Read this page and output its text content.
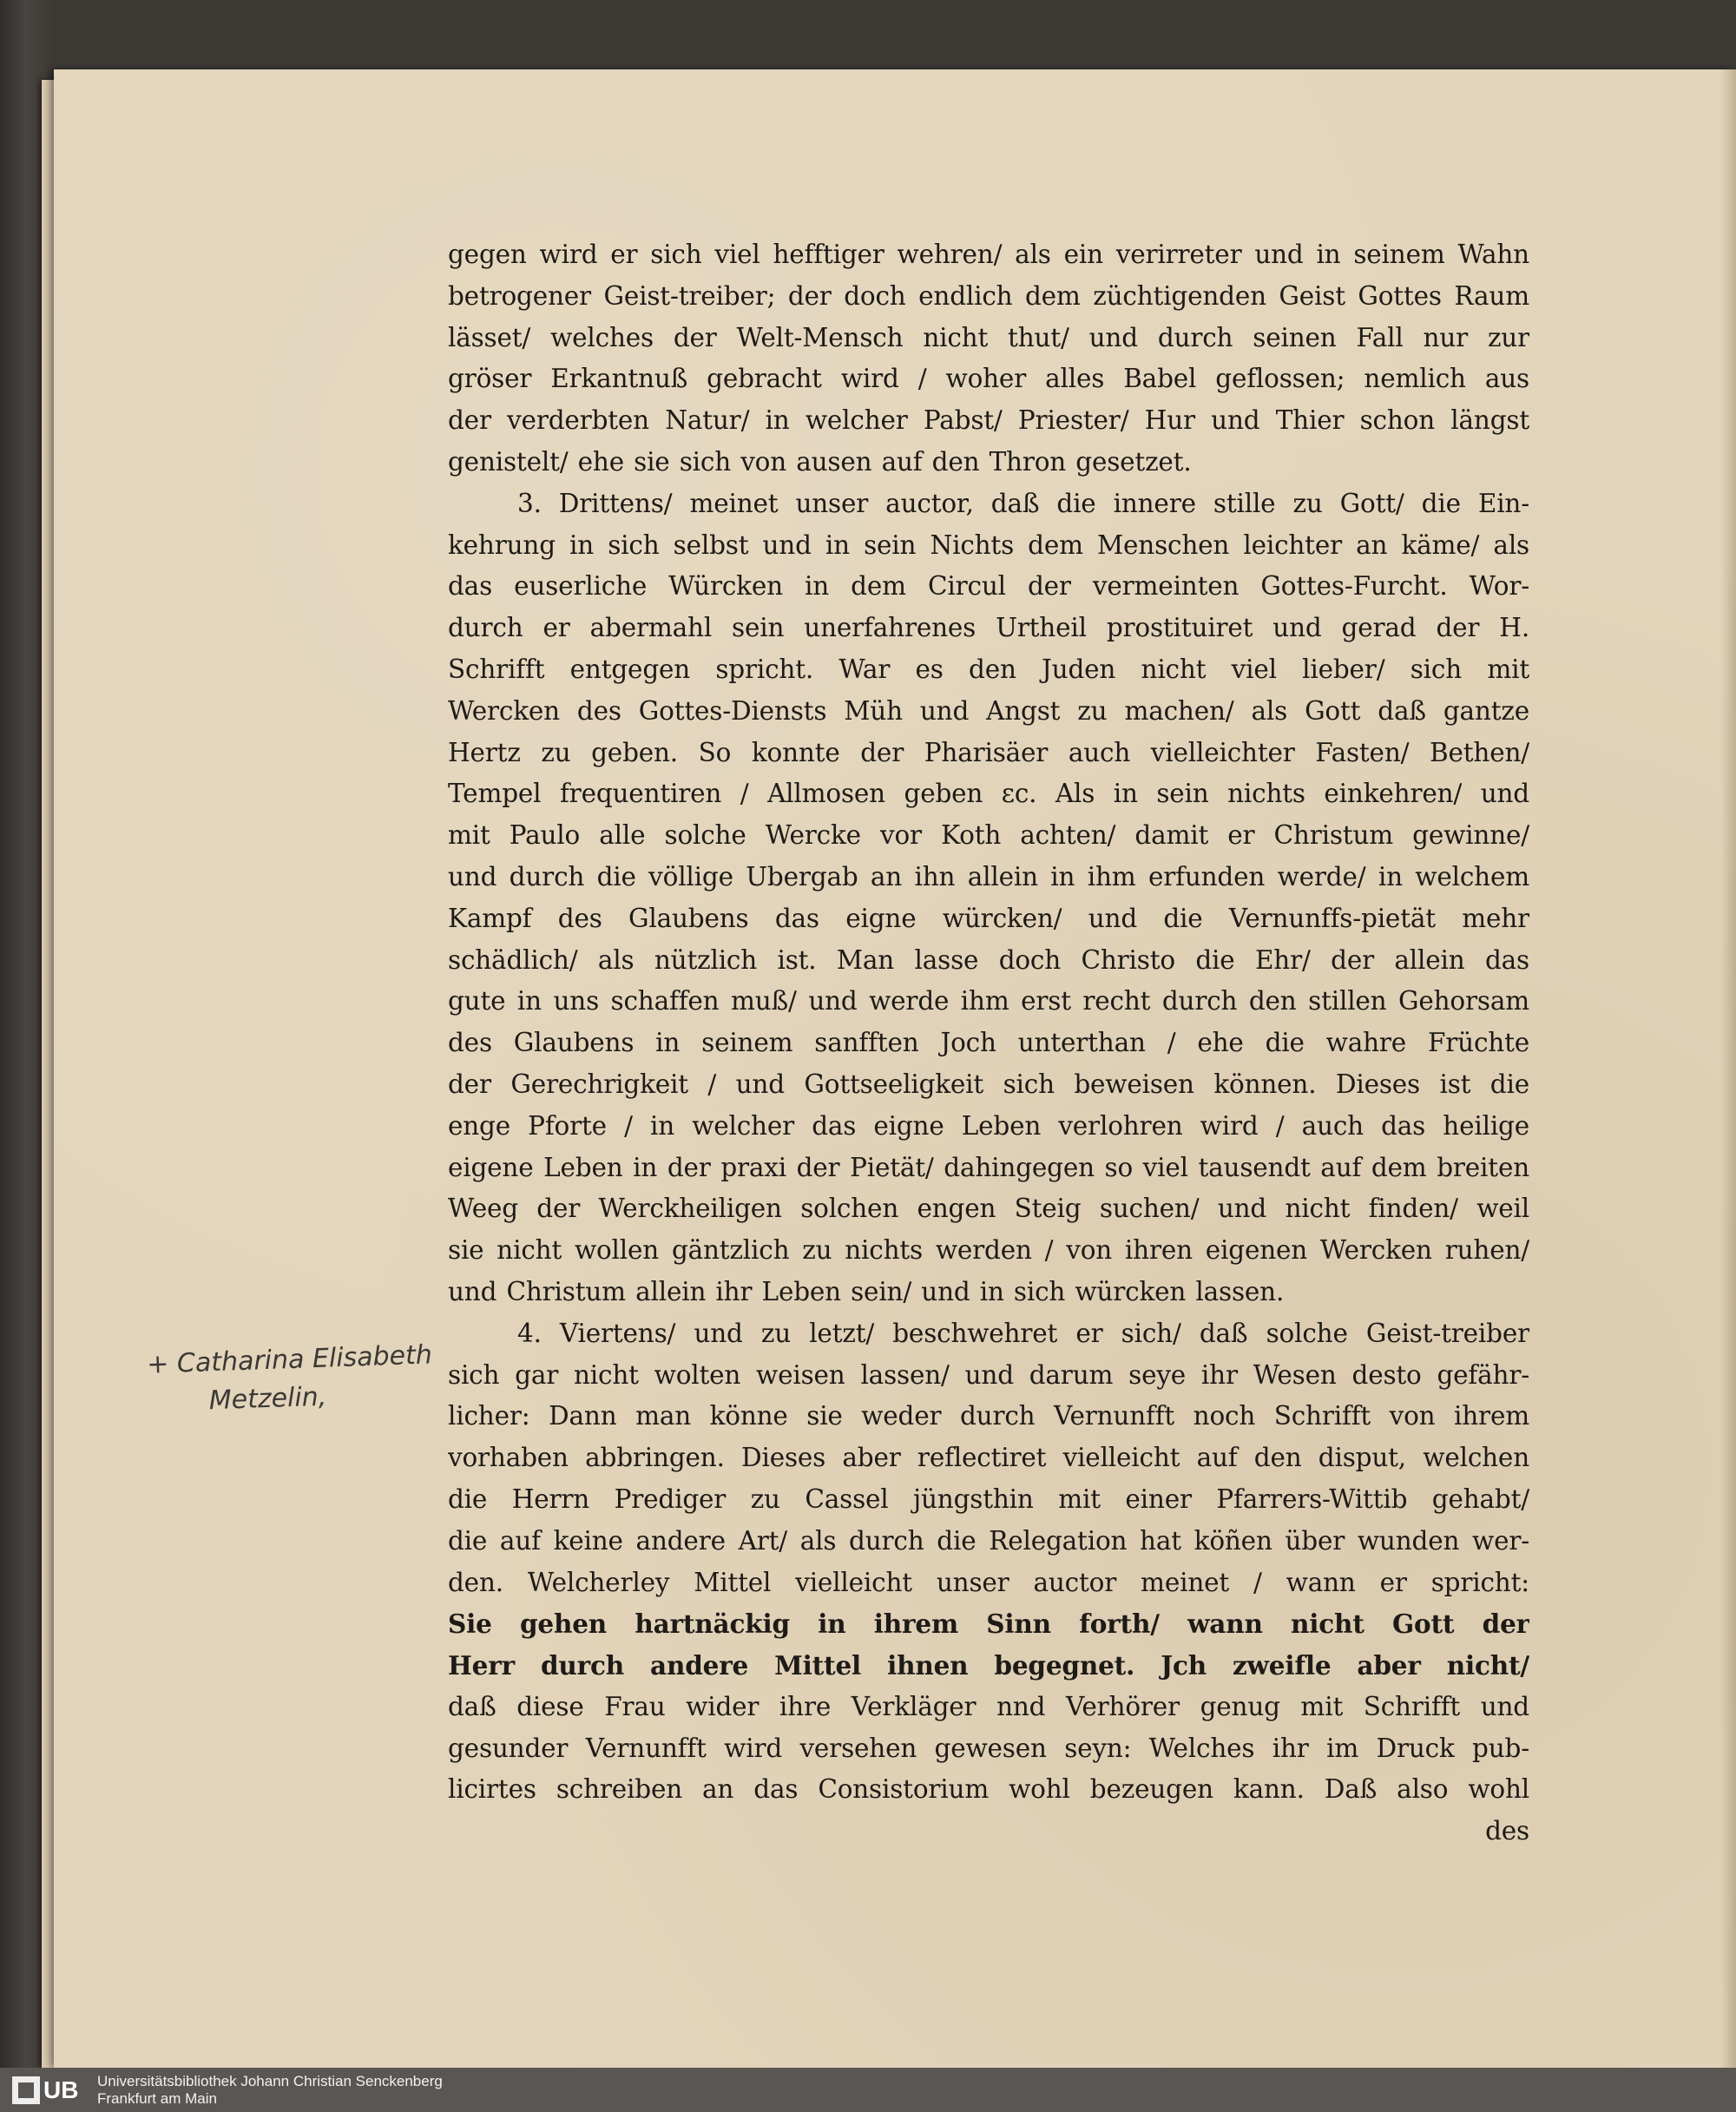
gegen wird er sich viel hefftiger wehren/ als ein verirreter und in seinem Wahn
betrogener Geist-treiber; der doch endlich dem züchtigenden Geist Gottes Raum
lässet/ welches der Welt-Mensch nicht thut/ und durch seinen Fall nur zur
gröser Erkantnuß gebracht wird / woher alles Babel geflossen; nemlich aus
der verderbten Natur/ in welcher Pabst/ Priester/ Hur und Thier schon längst
genistelt/ ehe sie sich von ausen auf den Thron gesetzet.
3. Drittens/ meinet unser auctor, daß die innere stille zu Gott/ die Ein-
kehrung in sich selbst und in sein Nichts dem Menschen leichter an käme/ als
das euserliche Würcken in dem Circul der vermeinten Gottes-Furcht. Wor-
durch er abermahl sein unerfahrenes Urtheil prostituiret und gerad der H.
Schrifft entgegen spricht. War es den Juden nicht viel lieber/ sich mit
Wercken des Gottes-Diensts Müh und Angst zu machen/ als Gott daß gantze
Hertz zu geben. So konnte der Pharisäer auch vielleichter Fasten/ Bethen/
Tempel frequentiren / Allmosen geben ɛc. Als in sein nichts einkehren/ und
mit Paulo alle solche Wercke vor Koth achten/ damit er Christum gewinne/
und durch die völlige Ubergab an ihn allein in ihm erfunden werde/ in welchem
Kampf des Glaubens das eigne würcken/ und die Vernunffs-pietät mehr
schädlich/ als nützlich ist. Man lasse doch Christo die Ehr/ der allein das
gute in uns schaffen muß/ und werde ihm erst recht durch den stillen Gehorsam
des Glaubens in seinem sanfften Joch unterthan / ehe die wahre Früchte
der Gerechrigkeit / und Gottseeligkeit sich beweisen können. Dieses ist die
enge Pforte / in welcher das eigne Leben verlohren wird / auch das heilige
eigene Leben in der praxi der Pietät/ dahingegen so viel tausendt auf dem breiten
Weeg der Werckheiligen solchen engen Steig suchen/ und nicht finden/ weil
sie nicht wollen gäntzlich zu nichts werden / von ihren eigenen Wercken ruhen/
und Christum allein ihr Leben sein/ und in sich würcken lassen.
4. Viertens/ und zu letzt/ beschwehret er sich/ daß solche Geist-treiber
sich gar nicht wolten weisen lassen/ und darum seye ihr Wesen desto gefähr-
licher: Dann man könne sie weder durch Vernunfft noch Schrifft von ihrem
vorhaben abbringen. Dieses aber reflectiret vielleicht auf den disput, welchen
die Herrn Prediger zu Cassel jüngsthin mit einer Pfarrers-Wittib gehabt/
die auf keine andere Art/ als durch die Relegation hat köñen über wunden wer-
den. Welcherley Mittel vielleicht unser auctor meinet / wann er spricht:
Sie gehen hartnäckig in ihrem Sinn forth/ wann nicht Gott der
Herr durch andere Mittel ihnen begegnet. Jch zweifle aber nicht/
daß diese Frau wider ihre Verkläger nnd Verhörer genug mit Schrifft und
gesunder Vernunfft wird versehen gewesen seyn: Welches ihr im Druck pub-
licirtes schreiben an das Consistorium wohl bezeugen kann. Daß also wohl
des
+ Catharina Elisabeth
Metzelin,
UB Universitätsbibliothek Johann Christian Senckenberg
Frankfurt am Main
